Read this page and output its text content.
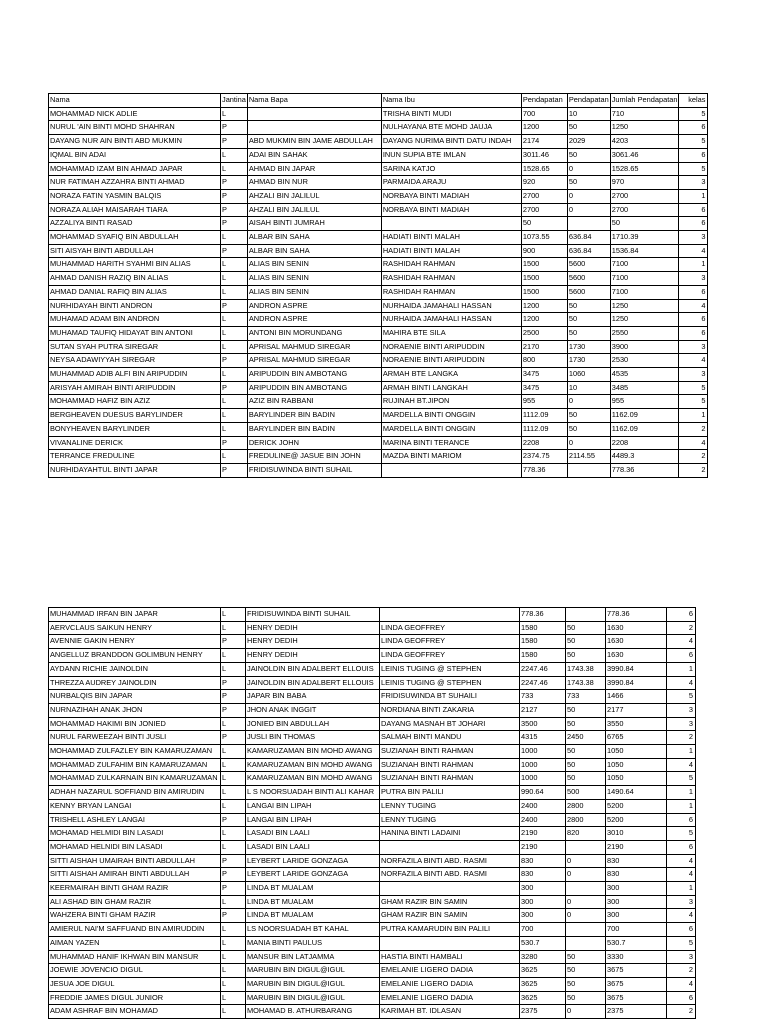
Nama	Jantina	Nama Bapa	Nama Ibu	Pendapatan	Pendapatan	Jumlah Pendapatan	kelas
MOHAMMAD NICK ADLIE	L		TRISHA BINTI MUDI	700	10	710	5
NURUL 'AIN BINTI MOHD SHAHRAN	P		NULHAYANA BTE MOHD JAUJA	1200	50	1250	6
DAYANG NUR AIN BINTI ABD MUKMIN	P	ABD MUKMIN BIN JAME ABDULLAH	DAYANG NURIMA BINTI DATU INDAH	2174	2029	4203	5
IQMAL BIN ADAI	L	ADAI BIN SAHAK	INUN SUPIA BTE IMLAN	3011.46	50	3061.46	6
MOHAMMAD IZAM BIN AHMAD JAPAR	L	AHMAD BIN JAPAR	SARINA KATJO	1528.65	0	1528.65	5
NUR FATIMAH AZZAHRA BINTI AHMAD	P	AHMAD BIN NUR	PARMAIDA ARAJU	920	50	970	3
NORAZA FATIN YASMIN BALQIS	P	AHZALI BIN JALILUL	NORBAYA BINTI MADIAH	2700	0	2700	1
NORAZA ALIAH MAISARAH TIARA	P	AHZALI BIN JALILUL	NORBAYA BINTI MADIAH	2700	0	2700	6
AZZALIYA BINTI RASAD	P	AISAH BINTI JUMRAH		50		50	6
MOHAMMAD SYAFIQ BIN ABDULLAH	L	ALBAR BIN SAHA	HADIATI BINTI MALAH	1073.55	636.84	1710.39	3
SITI AISYAH BINTI ABDULLAH	P	ALBAR BIN SAHA	HADIATI BINTI MALAH	900	636.84	1536.84	4
MUHAMMAD HARITH SYAHMI BIN ALIAS	L	ALIAS BIN SENIN	RASHIDAH RAHMAN	1500	5600	7100	1
AHMAD DANISH RAZIQ BIN ALIAS	L	ALIAS BIN SENIN	RASHIDAH RAHMAN	1500	5600	7100	3
AHMAD DANIAL RAFIQ BIN ALIAS	L	ALIAS BIN SENIN	RASHIDAH RAHMAN	1500	5600	7100	6
NURHIDAYAH BINTI ANDRON	P	ANDRON ASPRE	NURHAIDA JAMAHALI HASSAN	1200	50	1250	4
MUHAMAD ADAM BIN ANDRON	L	ANDRON ASPRE	NURHAIDA JAMAHALI HASSAN	1200	50	1250	6
MUHAMAD TAUFIQ HIDAYAT BIN ANTONI	L	ANTONI BIN MORUNDANG	MAHIRA BTE SILA	2500	50	2550	6
SUTAN SYAH PUTRA SIREGAR	L	APRISAL MAHMUD SIREGAR	NORAENIE BINTI ARIPUDDIN	2170	1730	3900	3
NEYSA ADAWIYYAH SIREGAR	P	APRISAL MAHMUD SIREGAR	NORAENIE BINTI ARIPUDDIN	800	1730	2530	4
MUHAMMAD ADIB ALFI BIN ARIPUDDIN	L	ARIPUDDIN BIN AMBOTANG	ARMAH BTE LANGKA	3475	1060	4535	3
ARISYAH AMIRAH BINTI ARIPUDDIN	P	ARIPUDDIN BIN AMBOTANG	ARMAH BINTI LANGKAH	3475	10	3485	5
MOHAMMAD HAFIZ BIN AZIZ	L	AZIZ BIN RABBANI	RUJINAH BT.JIPON	955	0	955	5
BERGHEAVEN DUESUS BARYLINDER	L	BARYLINDER BIN BADIN	MARDELLA BINTI ONGGIN	1112.09	50	1162.09	1
BONYHEAVEN BARYLINDER	L	BARYLINDER BIN BADIN	MARDELLA BINTI ONGGIN	1112.09	50	1162.09	2
VIVANALINE DERICK	P	DERICK JOHN	MARINA BINTI TERANCE	2208	0	2208	4
TERRANCE FREDULINE	L	FREDULINE@ JASUE BIN JOHN	MAZDA BINTI MARIOM	2374.75	2114.55	4489.3	2
NURHIDAYAHTUL BINTI JAPAR	P	FRIDISUWINDA BINTI SUHAIL		778.36		778.36	2
MUHAMMAD IRFAN BIN JAPAR	L	FRIDISUWINDA BINTI SUHAIL		778.36		778.36	6
AERVCLAUS SAIKUN HENRY	L	HENRY DEDIH	LINDA GEOFFREY	1580	50	1630	2
AVENNIE GAKIN HENRY	P	HENRY DEDIH	LINDA GEOFFREY	1580	50	1630	4
ANGELLUZ BRANDDON GOLIMBUN HENRY	L	HENRY DEDIH	LINDA GEOFFREY	1580	50	1630	6
AYDANN RICHIE JAINOLDIN	L	JAINOLDIN BIN ADALBERT ELLOUIS	LEINIS TUGING @ STEPHEN	2247.46	1743.38	3990.84	1
THREZZA AUDREY JAINOLDIN	P	JAINOLDIN BIN ADALBERT ELLOUIS	LEINIS TUGING @ STEPHEN	2247.46	1743.38	3990.84	4
NURBALQIS BIN JAPAR	P	JAPAR BIN BABA	FRIDISUWINDA BT SUHAILI	733	733	1466	5
NURNAZIHAH ANAK JHON	P	JHON ANAK INGGIT	NORDIANA BINTI ZAKARIA	2127	50	2177	3
MOHAMMAD HAKIMI BIN JONIED	L	JONIED BIN ABDULLAH	DAYANG MASNAH BT JOHARI	3500	50	3550	3
NURUL FARWEEZAH BINTI JUSLI	P	JUSLI BIN THOMAS	SALMAH BINTI MANDU	4315	2450	6765	2
MOHAMMAD ZULFAZLEY BIN KAMARUZAMAN	L	KAMARUZAMAN BIN MOHD AWANG	SUZIANAH BINTI RAHMAN	1000	50	1050	1
MOHAMMAD ZULFAHIM BIN KAMARUZAMAN	L	KAMARUZAMAN BIN MOHD AWANG	SUZIANAH BINTI RAHMAN	1000	50	1050	4
MOHAMMAD ZULKARNAIN BIN KAMARUZAMAN	L	KAMARUZAMAN BIN MOHD AWANG	SUZIANAH BINTI RAHMAN	1000	50	1050	5
ADHAH NAZARUL SOFFIAND BIN AMIRUDIN	L	L S NOORSUADAH BINTI ALI KAHAR	PUTRA BIN PALILI	990.64	500	1490.64	1
KENNY BRYAN LANGAI	L	LANGAI BIN LIPAH	LENNY TUGING	2400	2800	5200	1
TRISHELL ASHLEY LANGAI	P	LANGAI BIN LIPAH	LENNY TUGING	2400	2800	5200	6
MOHAMAD HELMIDI BIN LASADI	L	LASADI BIN LAALI	HANINA BINTI LADAINI	2190	820	3010	5
MOHAMAD HELNIDI BIN LASADI	L	LASADI BIN LAALI		2190		2190	6
SITTI AISHAH UMAIRAH BINTI ABDULLAH	P	LEYBERT LARIDE GONZAGA	NORFAZILA BINTI ABD. RASMI	830	0	830	4
SITTI AISHAH AMIRAH BINTI ABDULLAH	P	LEYBERT LARIDE GONZAGA	NORFAZILA BINTI ABD. RASMI	830	0	830	4
KEERMAIRAH BINTI GHAM RAZIR	P	LINDA BT MUALAM		300		300	1
ALI ASHAD BIN GHAM RAZIR	L	LINDA BT MUALAM	GHAM RAZIR BIN SAMIN	300	0	300	3
WAHZERA BINTI GHAM RAZIR	P	LINDA BT MUALAM	GHAM RAZIR BIN SAMIN	300	0	300	4
AMIERUL NAI'M SAFFUAND BIN AMIRUDDIN	L	LS NOORSUADAH BT KAHAL	PUTRA KAMARUDIN BIN PALILI	700		700	6
AIMAN YAZEN	L	MANIA BINTI PAULUS		530.7		530.7	5
MUHAMMAD HANIF IKHWAN BIN MANSUR	L	MANSUR BIN LATJAMMA	HASTIA BINTI HAMBALI	3280	50	3330	3
JOEWIE JOVENCIO DIGUL	L	MARUBIN BIN DIGUL@IGUL	EMELANIE LIGERO DADIA	3625	50	3675	2
JESUA JOE DIGUL	L	MARUBIN BIN DIGUL@IGUL	EMELANIE LIGERO DADIA	3625	50	3675	4
FREDDIE JAMES DIGUL JUNIOR	L	MARUBIN BIN DIGUL@IGUL	EMELANIE LIGERO DADIA	3625	50	3675	6
ADAM ASHRAF BIN MOHAMAD	L	MOHAMAD B. ATHURBARANG	KARIMAH BT. IDLASAN	2375	0	2375	2
